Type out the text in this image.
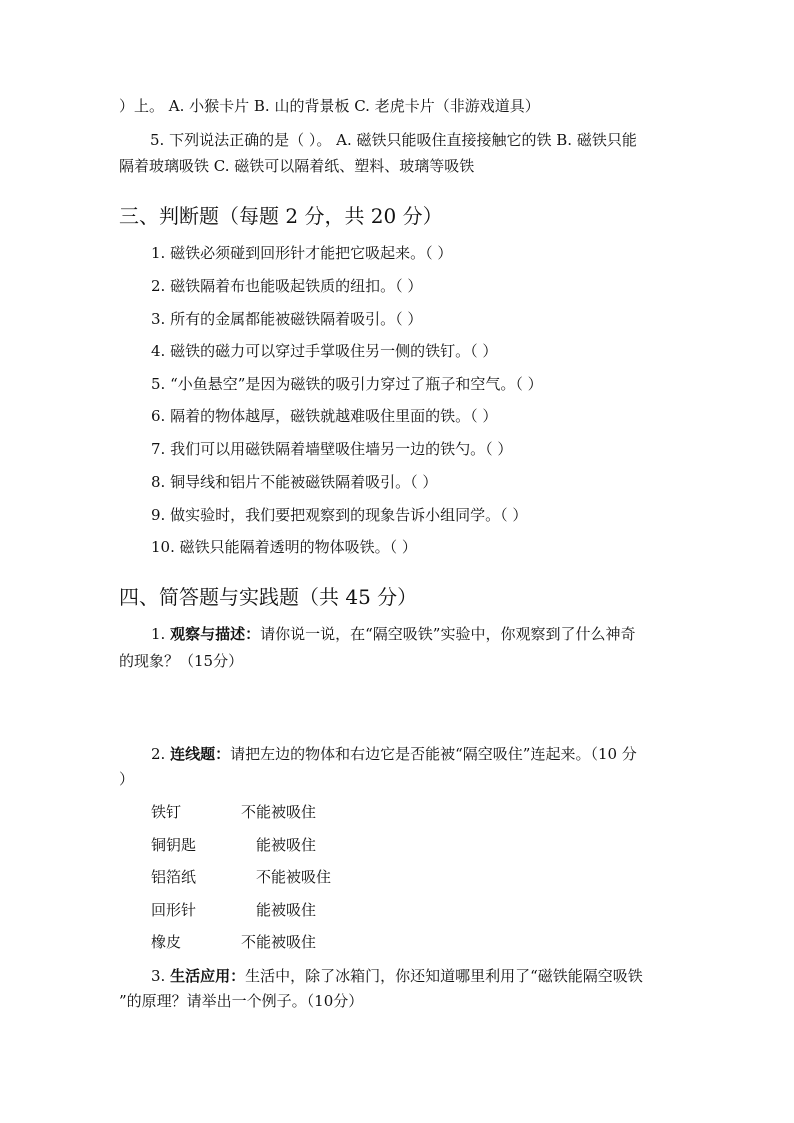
）上。 A. 小猴卡片 B. 山的背景板 C. 老虎卡片（非游戏道具）
5. 下列说法正确的是（ ）。 A. 磁铁只能吸住直接接触它的铁 B. 磁铁只能
隔着玻璃吸铁 C. 磁铁可以隔着纸、塑料、玻璃等吸铁
三、判断题（每题 2 分，共 20 分）
1. 磁铁必须碰到回形针才能把它吸起来。（ ）
2. 磁铁隔着布也能吸起铁质的纽扣。（ ）
3. 所有的金属都能被磁铁隔着吸引。（ ）
4. 磁铁的磁力可以穿过手掌吸住另一侧的铁钉。（ ）
5. “小鱼悬空”是因为磁铁的吸引力穿过了瓶子和空气。（ ）
6. 隔着的物体越厚，磁铁就越难吸住里面的铁。（ ）
7. 我们可以用磁铁隔着墙壁吸住墙另一边的铁勺。（ ）
8. 铜导线和铝片不能被磁铁隔着吸引。（ ）
9. 做实验时，我们要把观察到的现象告诉小组同学。（ ）
10. 磁铁只能隔着透明的物体吸铁。（ ）
四、简答题与实践题（共 45 分）
1. 观察与描述：请你说一说，在“隔空吸铁”实验中，你观察到了什么神奇
的现象？（15分）
2. 连线题：请把左边的物体和右边它是否能被“隔空吸住”连起来。（10 分
）
铁钉	不能被吸住
铜钥匙	能被吸住
铝箔纸	不能被吸住
回形针	能被吸住
橡皮	不能被吸住
3. 生活应用：生活中，除了冰箱门，你还知道哪里利用了“磁铁能隔空吸铁
”的原理？请举出一个例子。（10分）
